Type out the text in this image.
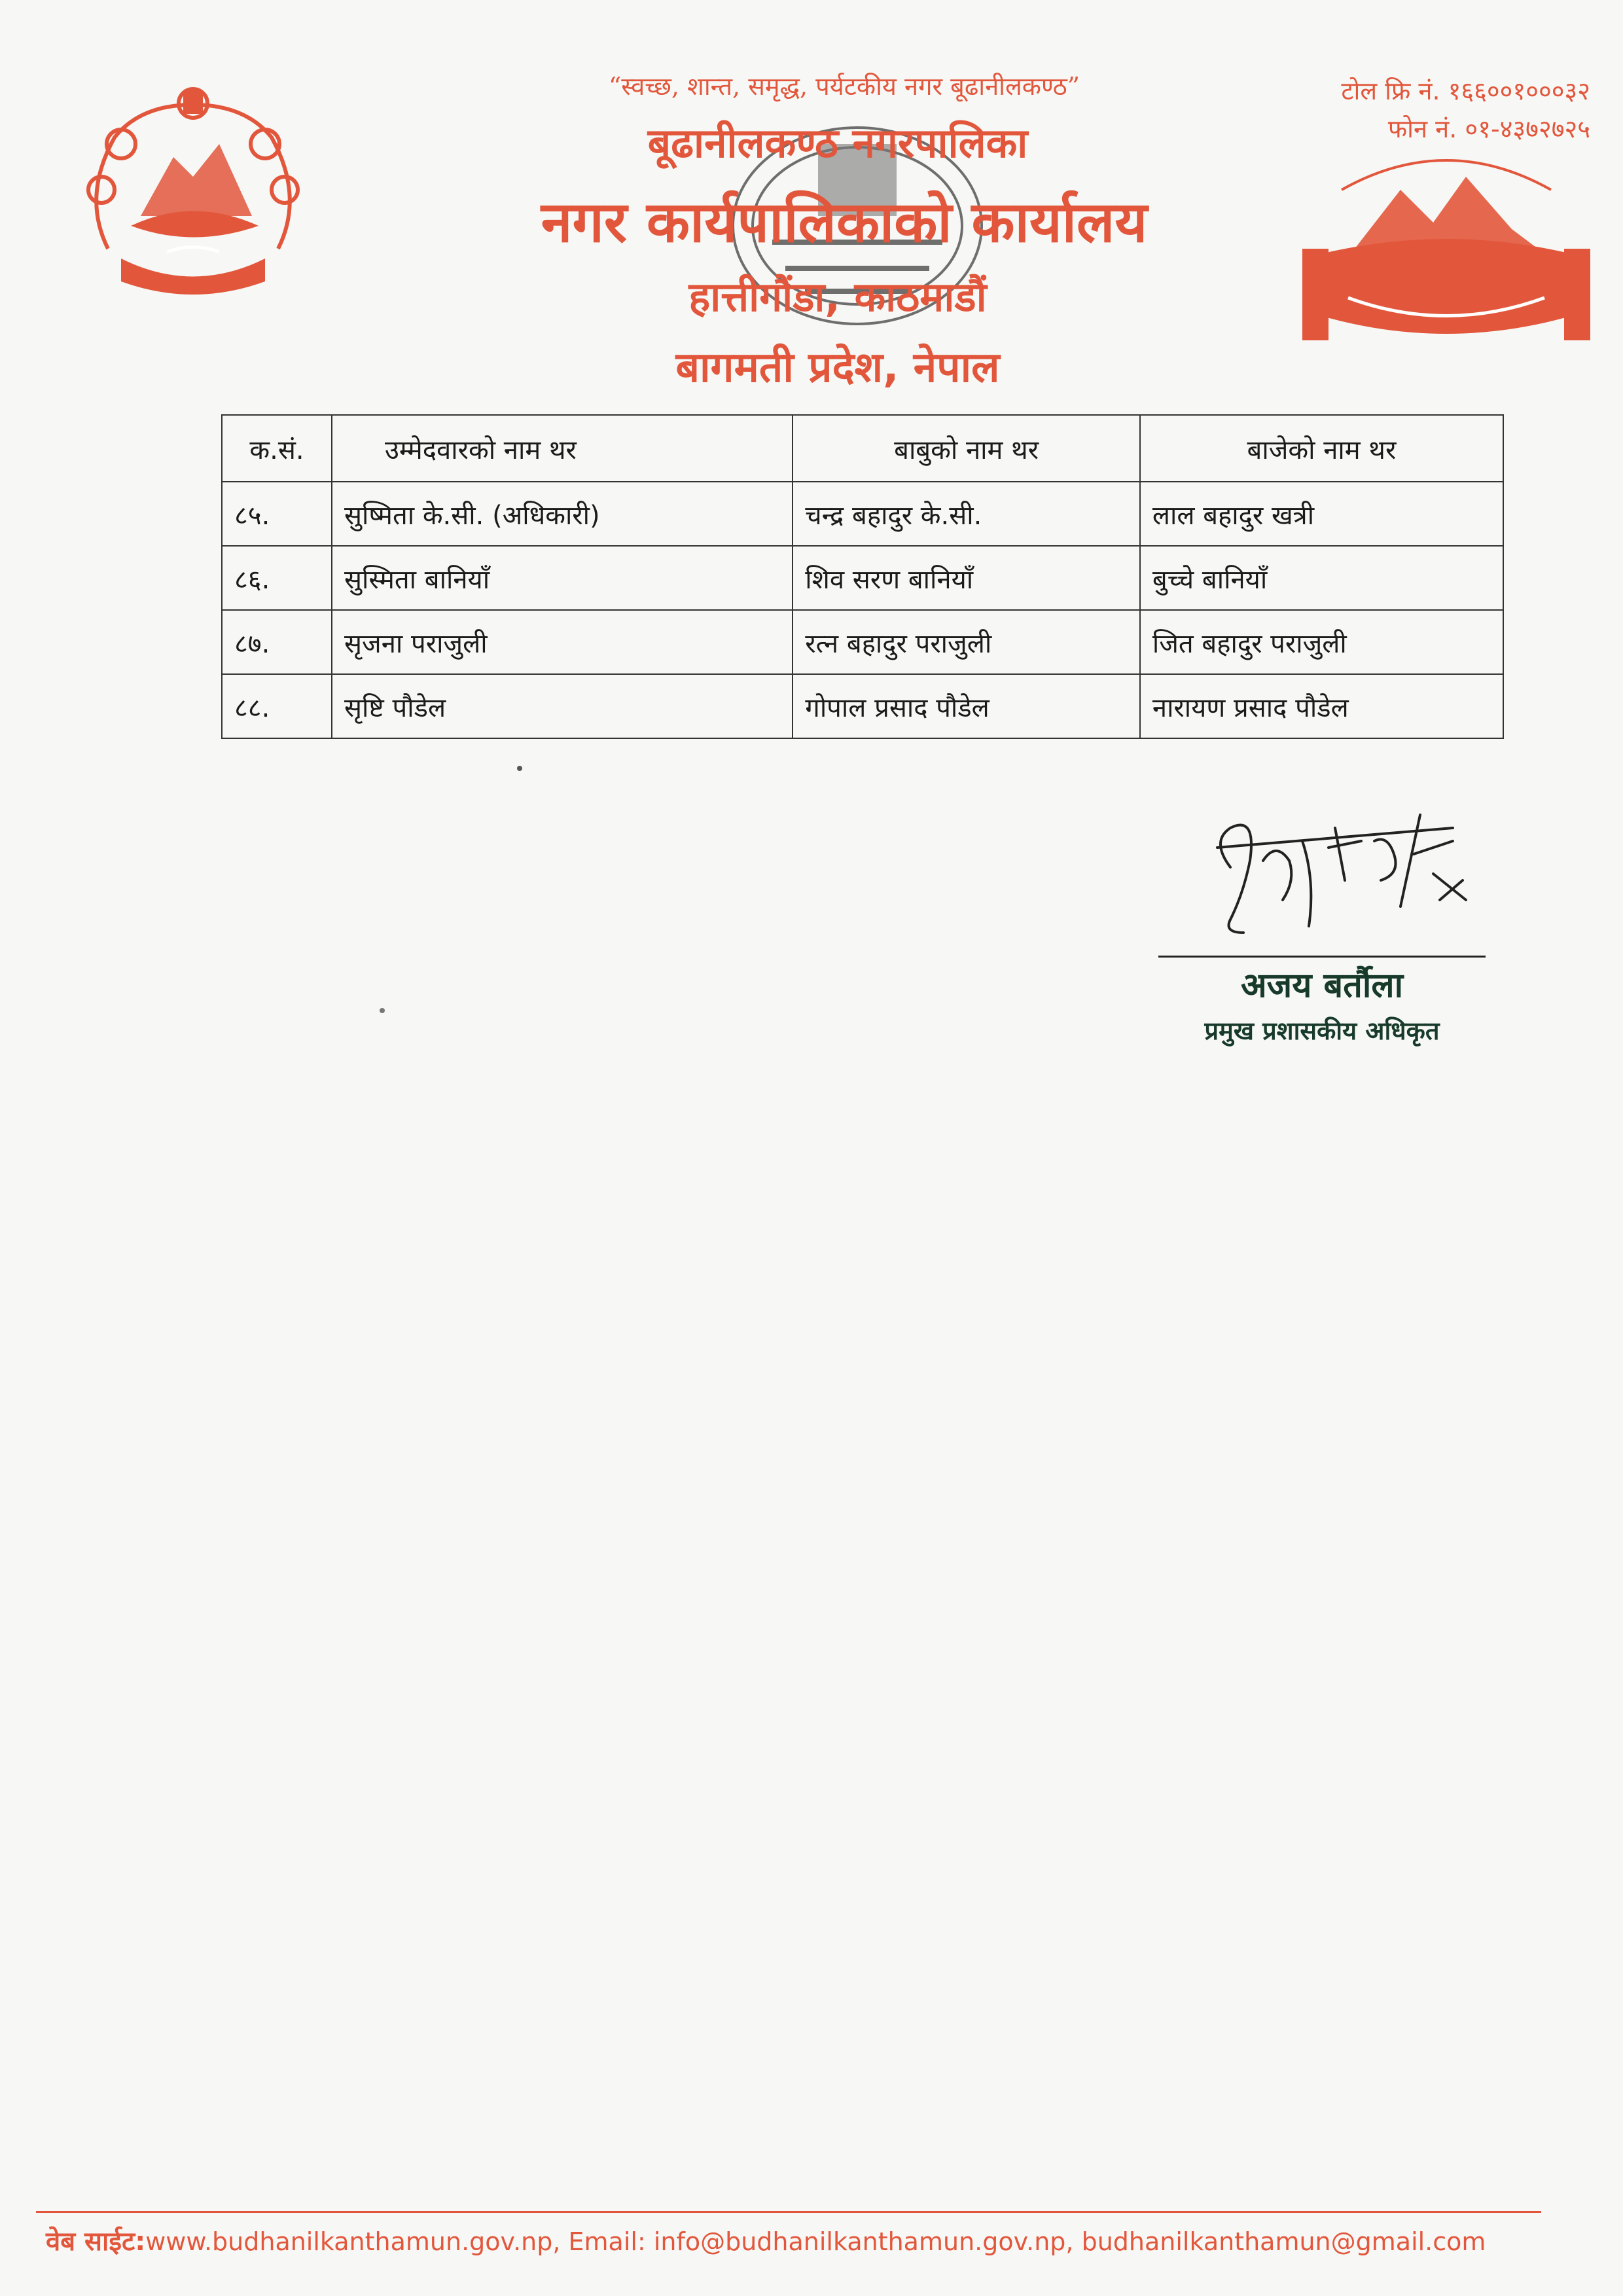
“स्वच्छ, शान्त, समृद्ध, पर्यटकीय नगर बूढानीलकण्ठ”	टोल फ्रि नं. १६६००१०००३२
फोन नं. ०१-४३७२७२५
बूढानीलकण्ठ नगरपालिका
नगर कार्यपालिकाको कार्यालय
हात्तीगौंडा, काठमाडौं
बागमती प्रदेश, नेपाल
क.सं.	उम्मेदवारको नाम थर	बाबुको नाम थर	बाजेको नाम थर
८५.	सुष्मिता के.सी. (अधिकारी)	चन्द्र बहादुर के.सी.	लाल बहादुर खत्री
८६.	सुस्मिता बानियाँ	शिव सरण बानियाँ	बुच्चे बानियाँ
८७.	सृजना पराजुली	रत्न बहादुर पराजुली	जित बहादुर पराजुली
८८.	सृष्टि पौडेल	गोपाल प्रसाद पौडेल	नारायण प्रसाद पौडेल
अजय बर्तौला
प्रमुख प्रशासकीय अधिकृत
वेब साईट:www.budhanilkanthamun.gov.np, Email: info@budhanilkanthamun.gov.np, budhanilkanthamun@gmail.com
